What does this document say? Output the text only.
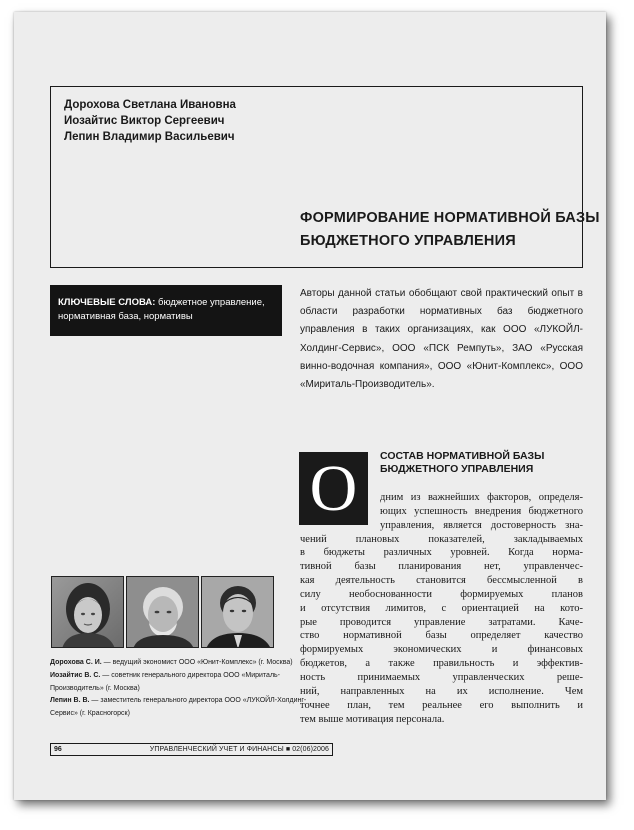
Дорохова Светлана Ивановна
Иозайтис Виктор Сергеевич
Лепин Владимир Васильевич
ФОРМИРОВАНИЕ НОРМАТИВНОЙ БАЗЫ
БЮДЖЕТНОГО УПРАВЛЕНИЯ
КЛЮЧЕВЫЕ СЛОВА: бюджетное управление, нормативная база, нормативы
Авторы данной статьи обобщают свой практический опыт в области разработки нормативных баз бюджетного управления в таких организациях, как ООО «ЛУКОЙЛ-Холдинг-Сервис», ООО «ПСК Ремпуть», ЗАО «Русская винно-водочная компания», ООО «Юнит-Комплекс», ООО «Мириталь-Производитель».
О	СОСТАВ НОРМАТИВНОЙ БАЗЫ
БЮДЖЕТНОГО УПРАВЛЕНИЯ
дним из важнейших факторов, определя-
ющих успешность внедрения бюджетного
управления, является достоверность зна-
чений плановых показателей, закладываемых
в бюджеты различных уровней. Когда норма-
тивной базы планирования нет, управленчес-
кая деятельность становится бессмысленной в
силу необоснованности формируемых планов
и отсутствия лимитов, с ориентацией на кото-
рые проводится управление затратами. Каче-
ство нормативной базы определяет качество
формируемых экономических и финансовых
бюджетов, а также правильность и эффектив-
ность принимаемых управленческих реше-
ний, направленных на их исполнение. Чем
точнее план, тем реальнее его выполнить и
тем выше мотивация персонала.
Дорохова С. И. — ведущий экономист ООО «Юнит-Комплекс» (г. Москва)
Иозайтис В. С. — советник генерального директора ООО «Мириталь-Производитель» (г. Москва)
Лепин В. В. — заместитель генерального директора ООО «ЛУКОЙЛ-Холдинг-Сервис» (г. Красногорск)
96	УПРАВЛЕНЧЕСКИЙ УЧЕТ И ФИНАНСЫ ■ 02(06)2006
